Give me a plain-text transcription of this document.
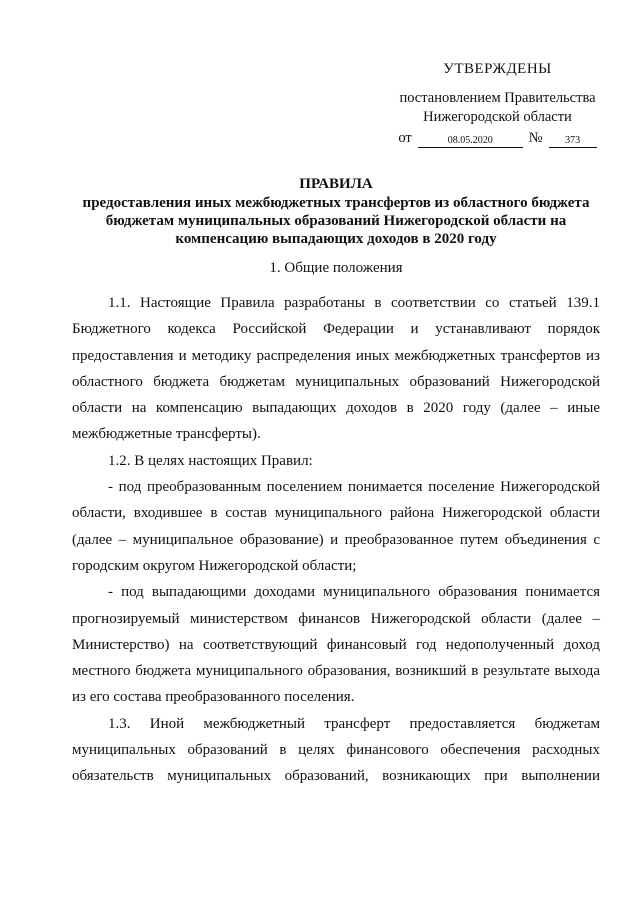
УТВЕРЖДЕНЫ
постановлением Правительства
Нижегородской области
от	08.05.2020	№	373
ПРАВИЛА
предоставления иных межбюджетных трансфертов из областного бюджета
бюджетам муниципальных образований Нижегородской области на
компенсацию выпадающих доходов в 2020 году
1. Общие положения

1.1. Настоящие Правила разработаны в соответствии со статьей 139.1 Бюджетного кодекса Российской Федерации и устанавливают порядок предоставления и методику распределения иных межбюджетных трансфертов из областного бюджета бюджетам муниципальных образований Нижегородской области на компенсацию выпадающих доходов в 2020 году (далее – иные межбюджетные трансферты).

1.2. В целях настоящих Правил:

- под преобразованным поселением понимается поселение Нижегородской области, входившее в состав муниципального района Нижегородской области (далее – муниципальное образование) и преобразованное путем объединения с городским округом Нижегородской области;

- под выпадающими доходами муниципального образования понимается прогнозируемый министерством финансов Нижегородской области (далее – Министерство) на соответствующий финансовый год недополученный доход местного бюджета муниципального образования, возникший в результате выхода из его состава преобразованного поселения.

1.3. Иной межбюджетный трансферт предоставляется бюджетам муниципальных образований в целях финансового обеспечения расходных обязательств муниципальных образований, возникающих при выполнении
